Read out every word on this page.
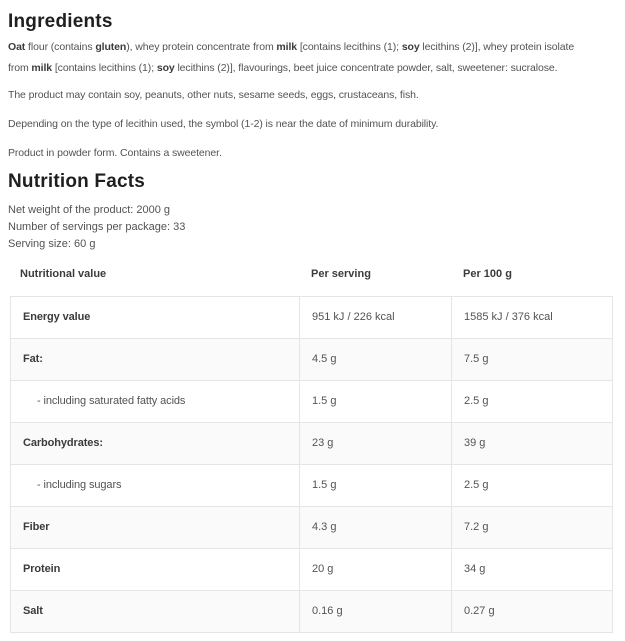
Ingredients

Oat flour (contains gluten), whey protein concentrate from milk [contains lecithins (1); soy lecithins (2)], whey protein isolate
from milk [contains lecithins (1); soy lecithins (2)], flavourings, beet juice concentrate powder, salt, sweetener: sucralose.

The product may contain soy, peanuts, other nuts, sesame seeds, eggs, crustaceans, fish.

Depending on the type of lecithin used, the symbol (1-2) is near the date of minimum durability.

Product in powder form. Contains a sweetener.

Nutrition Facts
Net weight of the product: 2000 g
Number of servings per package: 33
Serving size: 60 g
Nutritional value	Per serving	Per 100 g
Energy value	951 kJ / 226 kcal	1585 kJ / 376 kcal
Fat:	4.5 g	7.5 g
- including saturated fatty acids	1.5 g	2.5 g
Carbohydrates:	23 g	39 g
- including sugars	1.5 g	2.5 g
Fiber	4.3 g	7.2 g
Protein	20 g	34 g
Salt	0.16 g	0.27 g
